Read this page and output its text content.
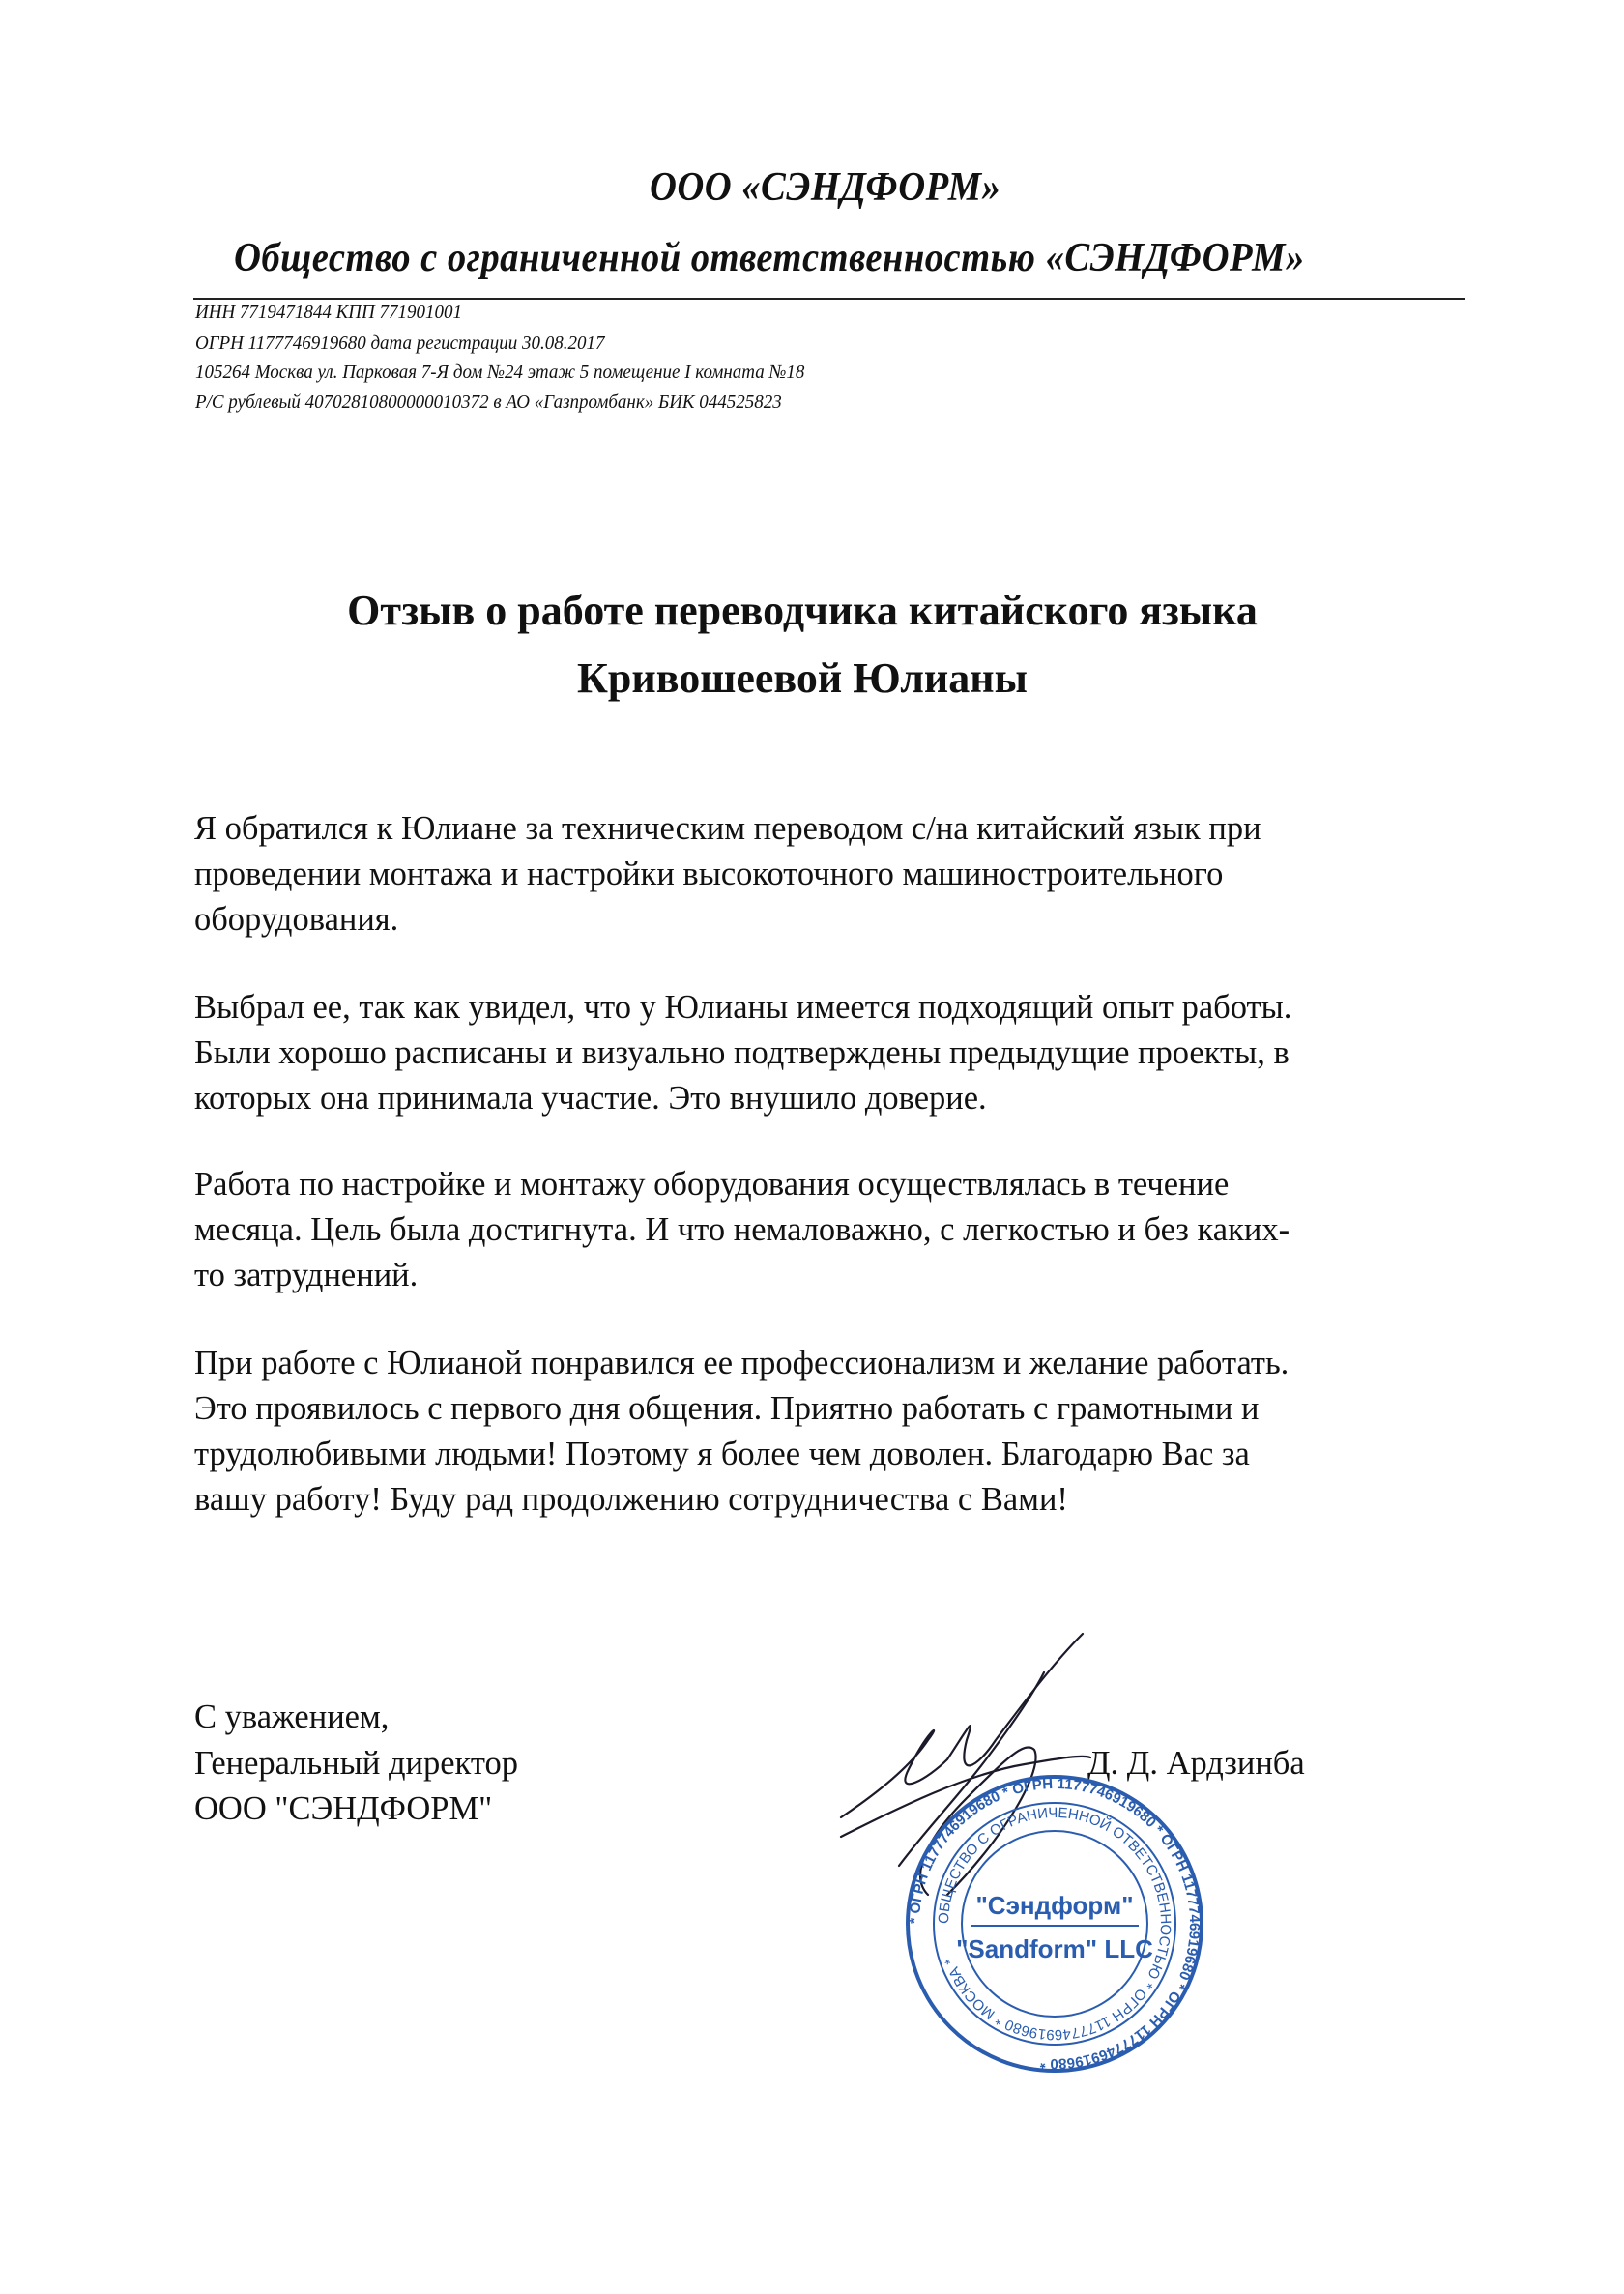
ООО «СЭНДФОРМ»
Общество с ограниченной ответственностью «СЭНДФОРМ»
ИНН 7719471844 КПП 771901001
ОГРН 1177746919680 дата регистрации 30.08.2017
105264 Москва ул. Парковая 7-Я дом №24 этаж 5 помещение I комната №18
Р/С рублевый 40702810800000010372 в АО «Газпромбанк» БИК 044525823
Отзыв о работе переводчика китайского языка
Кривошеевой Юлианы
Я обратился к Юлиане за техническим переводом с/на китайский язык при
проведении монтажа и настройки высокоточного машиностроительного
оборудования.
Выбрал ее, так как увидел, что у Юлианы имеется подходящий опыт работы.
Были хорошо расписаны и визуально подтверждены предыдущие проекты, в
которых она принимала участие. Это внушило доверие.
Работа по настройке и монтажу оборудования осуществлялась в течение
месяца. Цель была достигнута. И что немаловажно, с легкостью и без каких-
то затруднений.
При работе с Юлианой понравился ее профессионализм и желание работать.
Это проявилось с первого дня общения. Приятно работать с грамотными и
трудолюбивыми людьми! Поэтому я более чем доволен. Благодарю Вас за
вашу работу! Буду рад продолжению сотрудничества с Вами!
С уважением,
Генеральный директор
ООО "СЭНДФОРМ"
Д. Д. Ардзинба
* ОГРН 1177746919680 * ОГРН 1177746919680 * ОГРН 1177746919680 * ОГРН 1177746919680 *
ОБЩЕСТВО С ОГРАНИЧЕННОЙ ОТВЕТСТВЕННОСТЬЮ * ОГРН 1177746919680 * МОСКВА *
"Сэндформ"
"Sandform" LLC
